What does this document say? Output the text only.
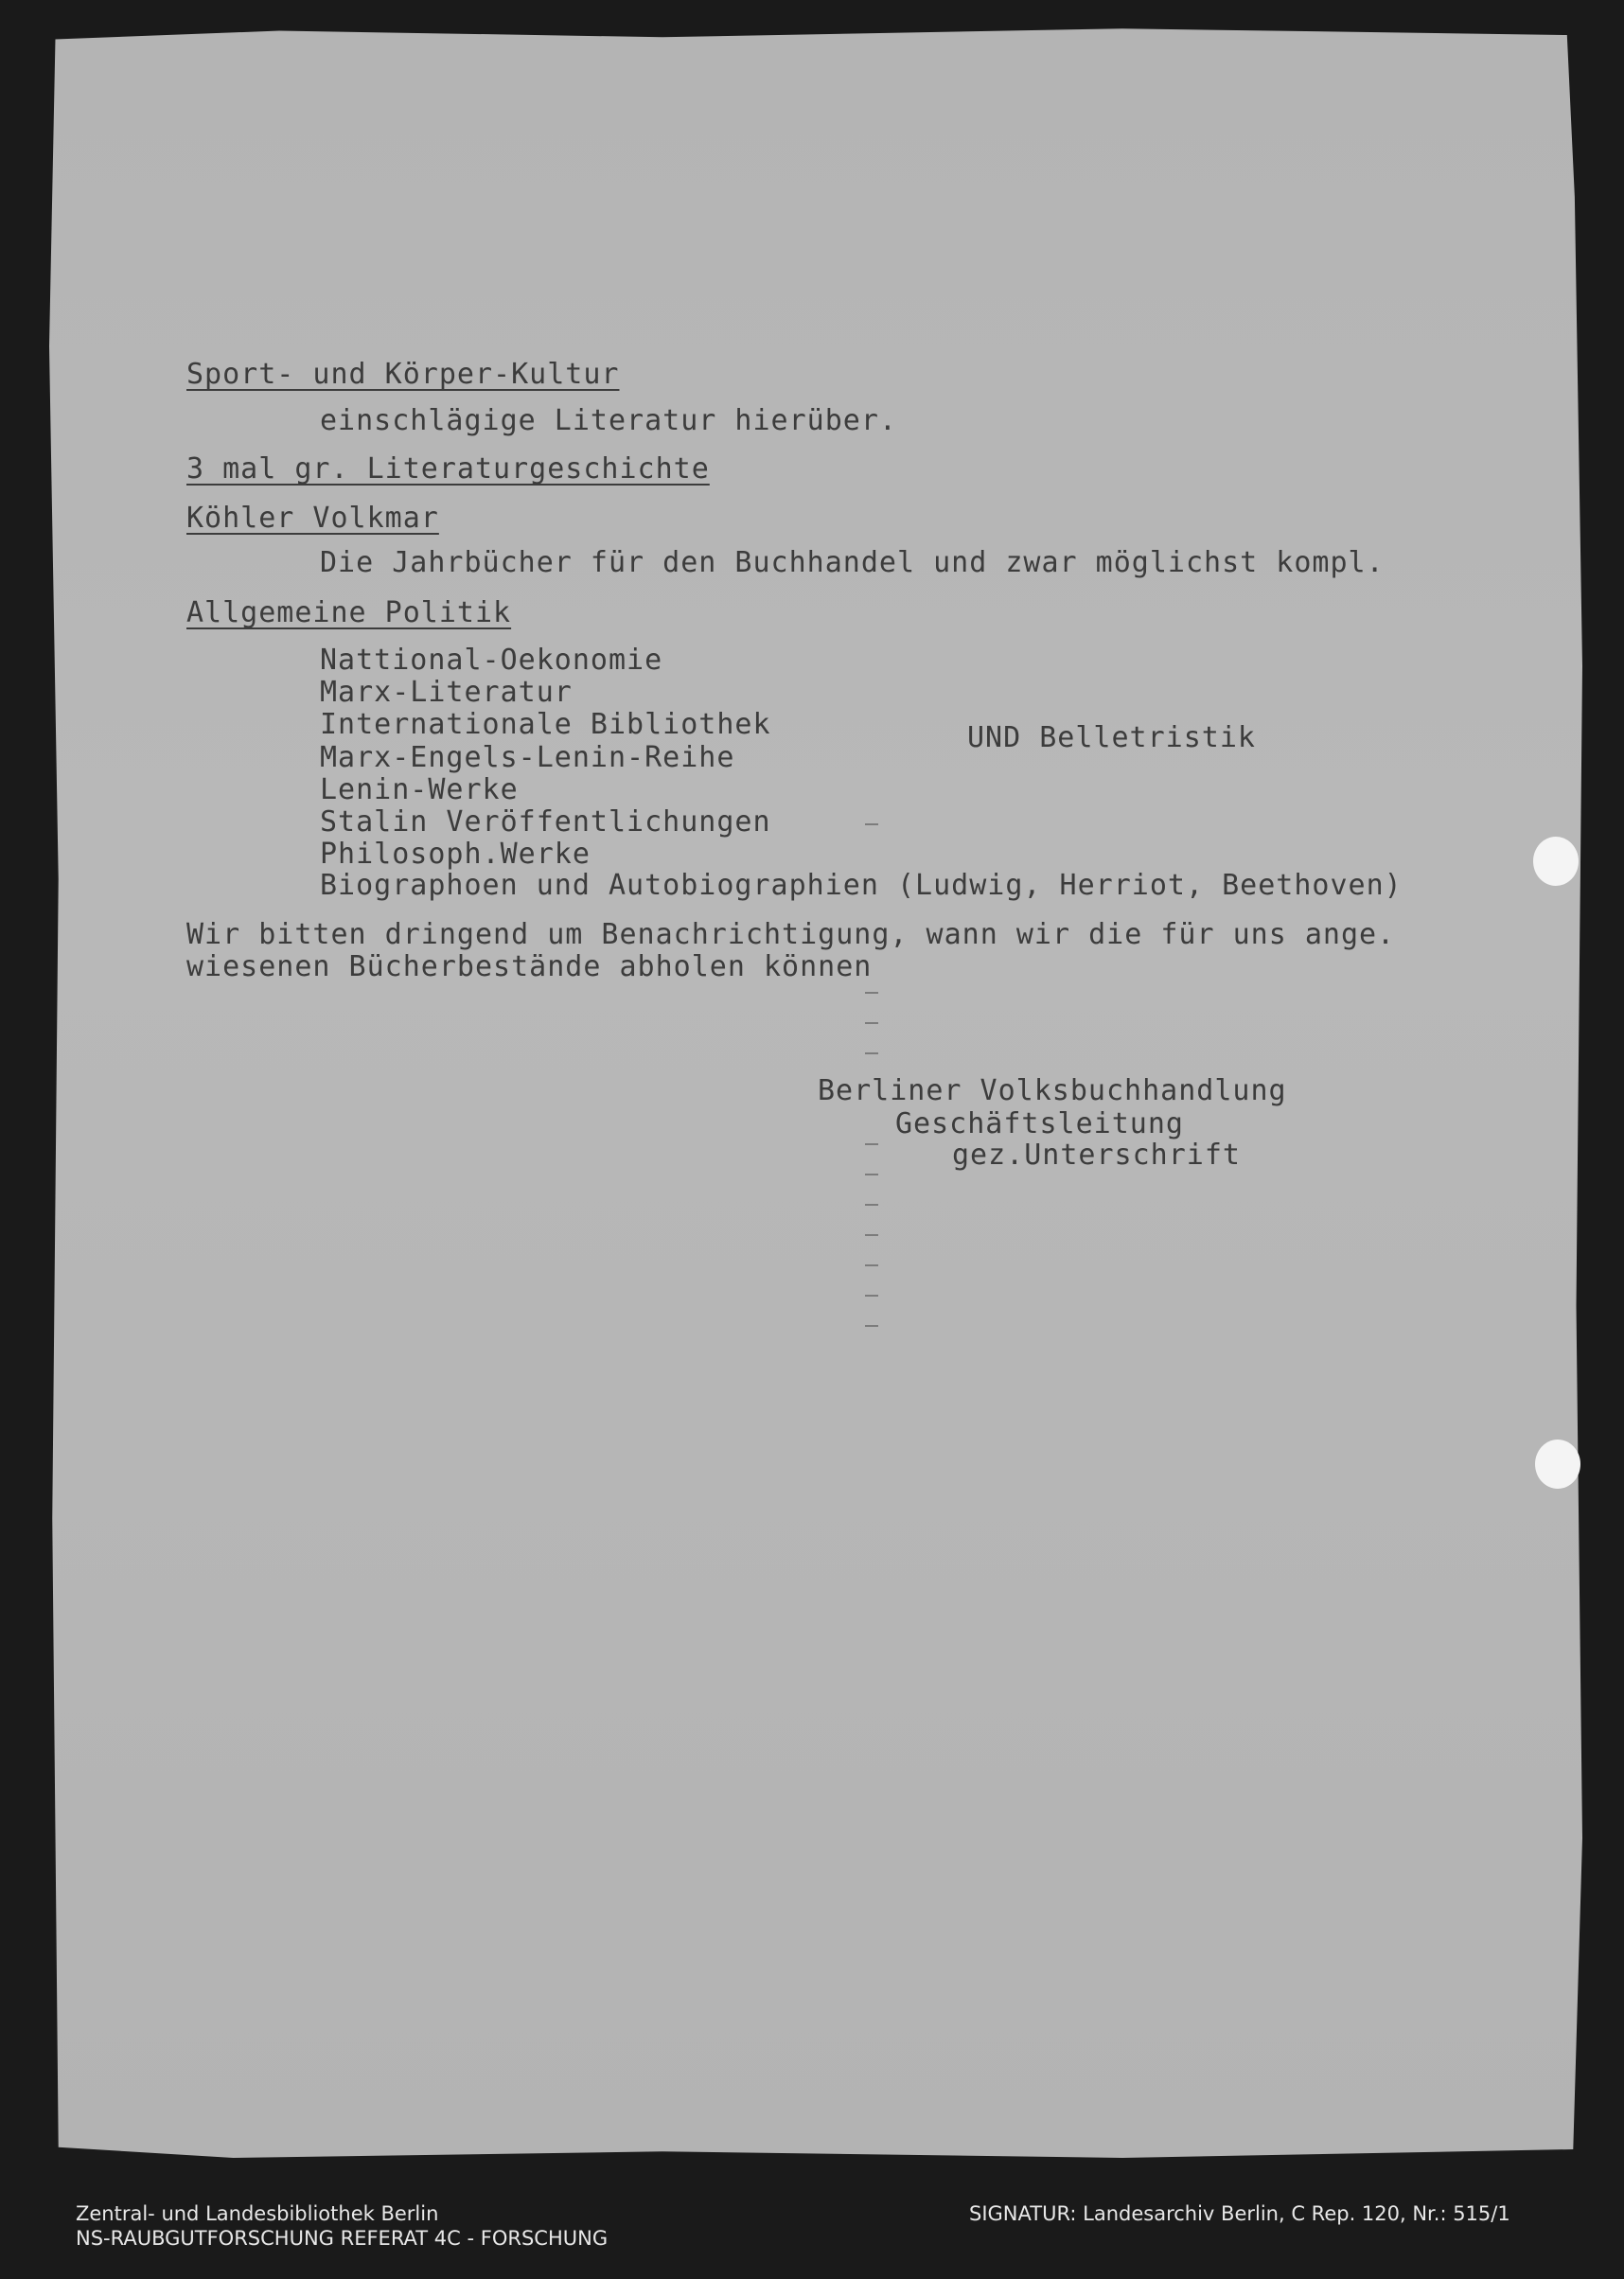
Sport- und Körper-Kultur
einschlägige Literatur hierüber.
3 mal gr. Literaturgeschichte
Köhler Volkmar
Die Jahrbücher für den Buchhandel und zwar möglichst kompl.
Allgemeine Politik
Nattional-Oekonomie
Marx-Literatur
Internationale Bibliothek
Marx-Engels-Lenin-Reihe
Lenin-Werke
Stalin Veröffentlichungen
Philosoph.Werke
Biographoen und Autobiographien (Ludwig, Herriot, Beethoven)
UND Belletristik
Wir bitten dringend um Benachrichtigung, wann wir die für uns ange.
wiesenen Bücherbestände abholen können
Berliner Volksbuchhandlung
Geschäftsleitung
gez.Unterschrift
Zentral- und Landesbibliothek Berlin
NS-RAUBGUTFORSCHUNG REFERAT 4C - FORSCHUNG
SIGNATUR: Landesarchiv Berlin, C Rep. 120, Nr.: 515/1
